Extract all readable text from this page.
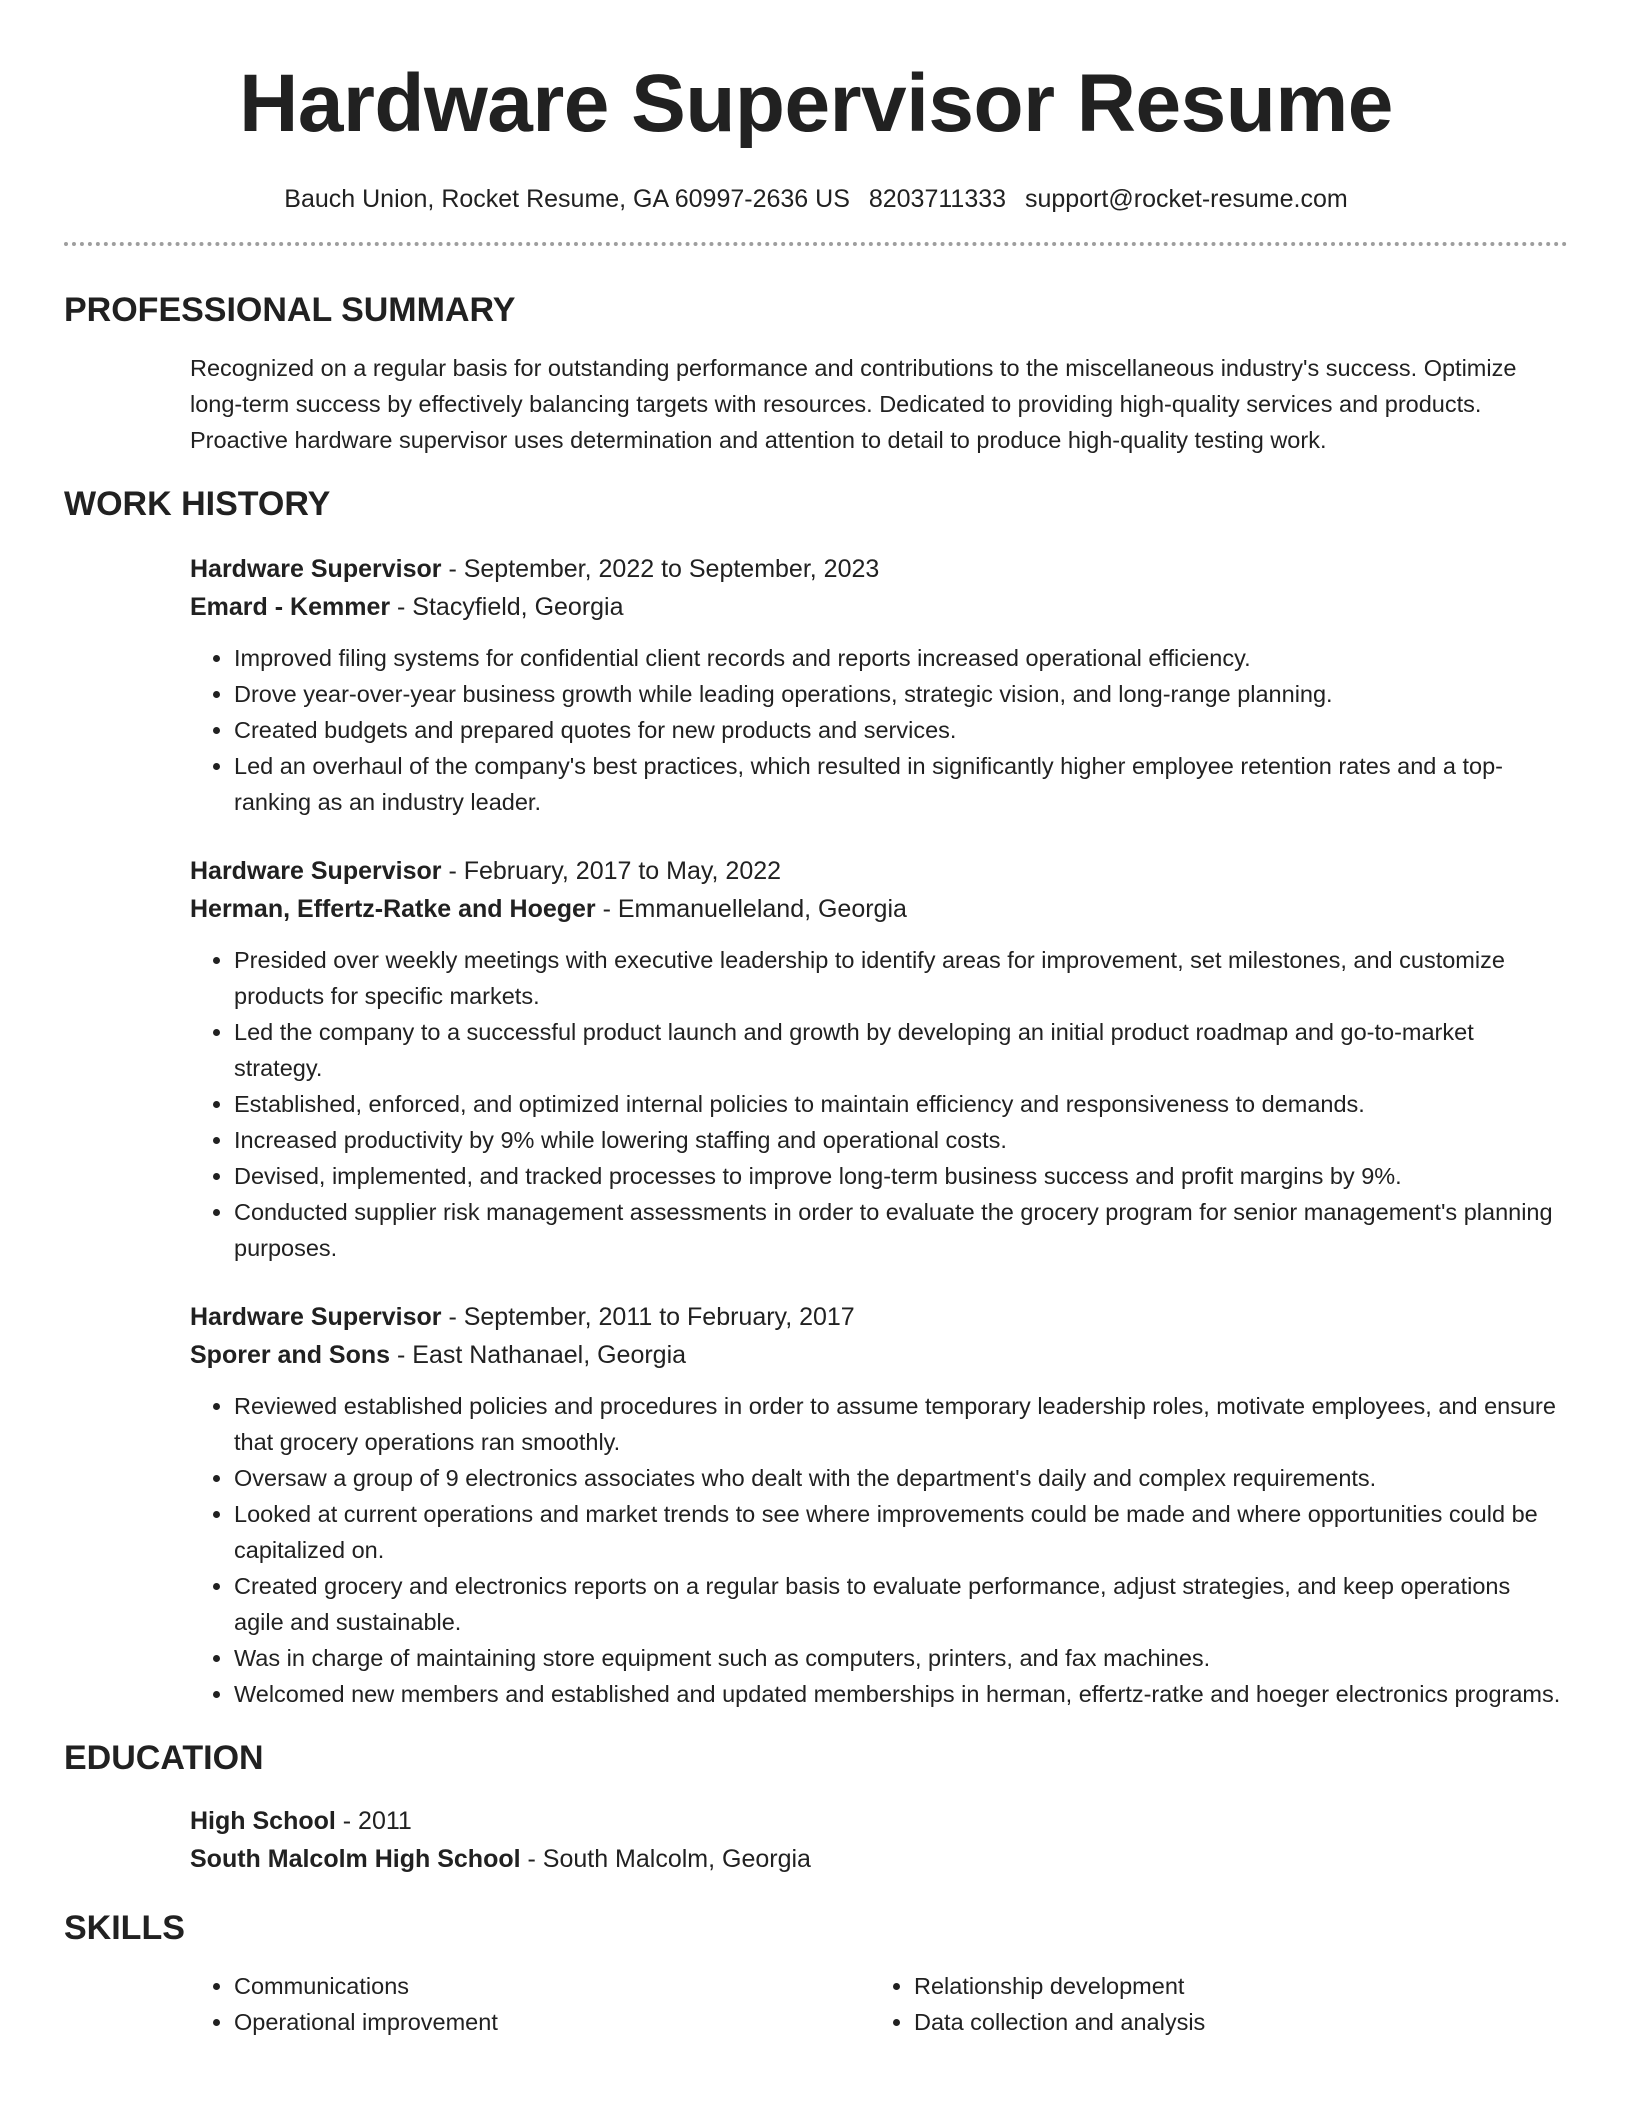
Hardware Supervisor Resume
Bauch Union, Rocket Resume, GA 60997-2636 US 8203711333 support@rocket-resume.com
PROFESSIONAL SUMMARY
Recognized on a regular basis for outstanding performance and contributions to the miscellaneous industry's success. Optimize long-term success by effectively balancing targets with resources. Dedicated to providing high-quality services and products. Proactive hardware supervisor uses determination and attention to detail to produce high-quality testing work.
WORK HISTORY
Hardware Supervisor - September, 2022 to September, 2023
Emard - Kemmer - Stacyfield, Georgia
• Improved filing systems for confidential client records and reports increased operational efficiency.
• Drove year-over-year business growth while leading operations, strategic vision, and long-range planning.
• Created budgets and prepared quotes for new products and services.
• Led an overhaul of the company's best practices, which resulted in significantly higher employee retention rates and a top-ranking as an industry leader.
Hardware Supervisor - February, 2017 to May, 2022
Herman, Effertz-Ratke and Hoeger - Emmanuelleland, Georgia
• Presided over weekly meetings with executive leadership to identify areas for improvement, set milestones, and customize products for specific markets.
• Led the company to a successful product launch and growth by developing an initial product roadmap and go-to-market strategy.
• Established, enforced, and optimized internal policies to maintain efficiency and responsiveness to demands.
• Increased productivity by 9% while lowering staffing and operational costs.
• Devised, implemented, and tracked processes to improve long-term business success and profit margins by 9%.
• Conducted supplier risk management assessments in order to evaluate the grocery program for senior management's planning purposes.
Hardware Supervisor - September, 2011 to February, 2017
Sporer and Sons - East Nathanael, Georgia
• Reviewed established policies and procedures in order to assume temporary leadership roles, motivate employees, and ensure that grocery operations ran smoothly.
• Oversaw a group of 9 electronics associates who dealt with the department's daily and complex requirements.
• Looked at current operations and market trends to see where improvements could be made and where opportunities could be capitalized on.
• Created grocery and electronics reports on a regular basis to evaluate performance, adjust strategies, and keep operations agile and sustainable.
• Was in charge of maintaining store equipment such as computers, printers, and fax machines.
• Welcomed new members and established and updated memberships in herman, effertz-ratke and hoeger electronics programs.
EDUCATION
High School - 2011
South Malcolm High School - South Malcolm, Georgia
SKILLS
• Communications
• Operational improvement
• Relationship development
• Data collection and analysis
